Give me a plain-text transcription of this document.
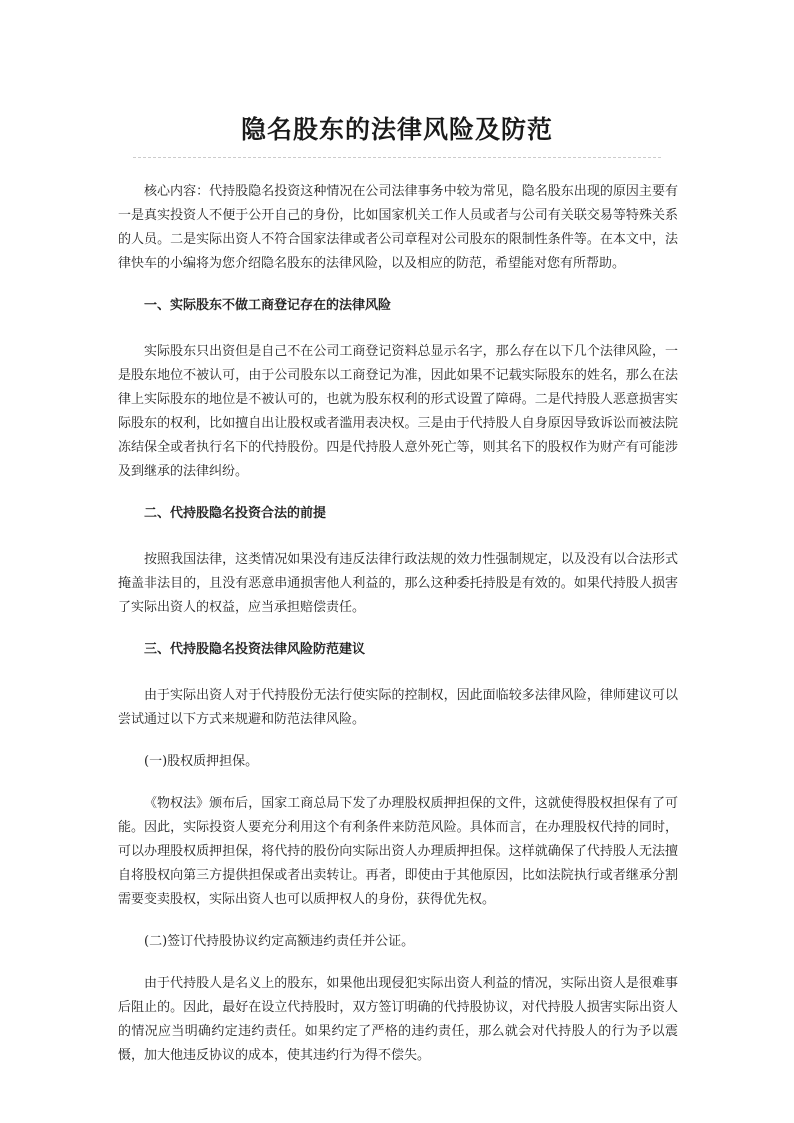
隐名股东的法律风险及防范

核心内容：代持股隐名投资这种情况在公司法律事务中较为常见，隐名股东出现的原因主要有一是真实投资人不便于公开自己的身份，比如国家机关工作人员或者与公司有关联交易等特殊关系的人员。二是实际出资人不符合国家法律或者公司章程对公司股东的限制性条件等。在本文中，法律快车的小编将为您介绍隐名股东的法律风险，以及相应的防范，希望能对您有所帮助。

一、实际股东不做工商登记存在的法律风险

实际股东只出资但是自己不在公司工商登记资料总显示名字，那么存在以下几个法律风险，一是股东地位不被认可，由于公司股东以工商登记为准，因此如果不记载实际股东的姓名，那么在法律上实际股东的地位是不被认可的，也就为股东权利的形式设置了障碍。二是代持股人恶意损害实际股东的权利，比如擅自出让股权或者滥用表决权。三是由于代持股人自身原因导致诉讼而被法院冻结保全或者执行名下的代持股份。四是代持股人意外死亡等，则其名下的股权作为财产有可能涉及到继承的法律纠纷。

二、代持股隐名投资合法的前提

按照我国法律，这类情况如果没有违反法律行政法规的效力性强制规定，以及没有以合法形式掩盖非法目的，且没有恶意串通损害他人利益的，那么这种委托持股是有效的。如果代持股人损害了实际出资人的权益，应当承担赔偿责任。

三、代持股隐名投资法律风险防范建议

由于实际出资人对于代持股份无法行使实际的控制权，因此面临较多法律风险，律师建议可以尝试通过以下方式来规避和防范法律风险。

(一)股权质押担保。

《物权法》颁布后，国家工商总局下发了办理股权质押担保的文件，这就使得股权担保有了可能。因此，实际投资人要充分利用这个有利条件来防范风险。具体而言，在办理股权代持的同时，可以办理股权质押担保，将代持的股份向实际出资人办理质押担保。这样就确保了代持股人无法擅自将股权向第三方提供担保或者出卖转让。再者，即使由于其他原因，比如法院执行或者继承分割需要变卖股权，实际出资人也可以质押权人的身份，获得优先权。

(二)签订代持股协议约定高额违约责任并公证。

由于代持股人是名义上的股东，如果他出现侵犯实际出资人利益的情况，实际出资人是很难事后阻止的。因此，最好在设立代持股时，双方签订明确的代持股协议，对代持股人损害实际出资人的情况应当明确约定违约责任。如果约定了严格的违约责任，那么就会对代持股人的行为予以震慑，加大他违反协议的成本，使其违约行为得不偿失。
